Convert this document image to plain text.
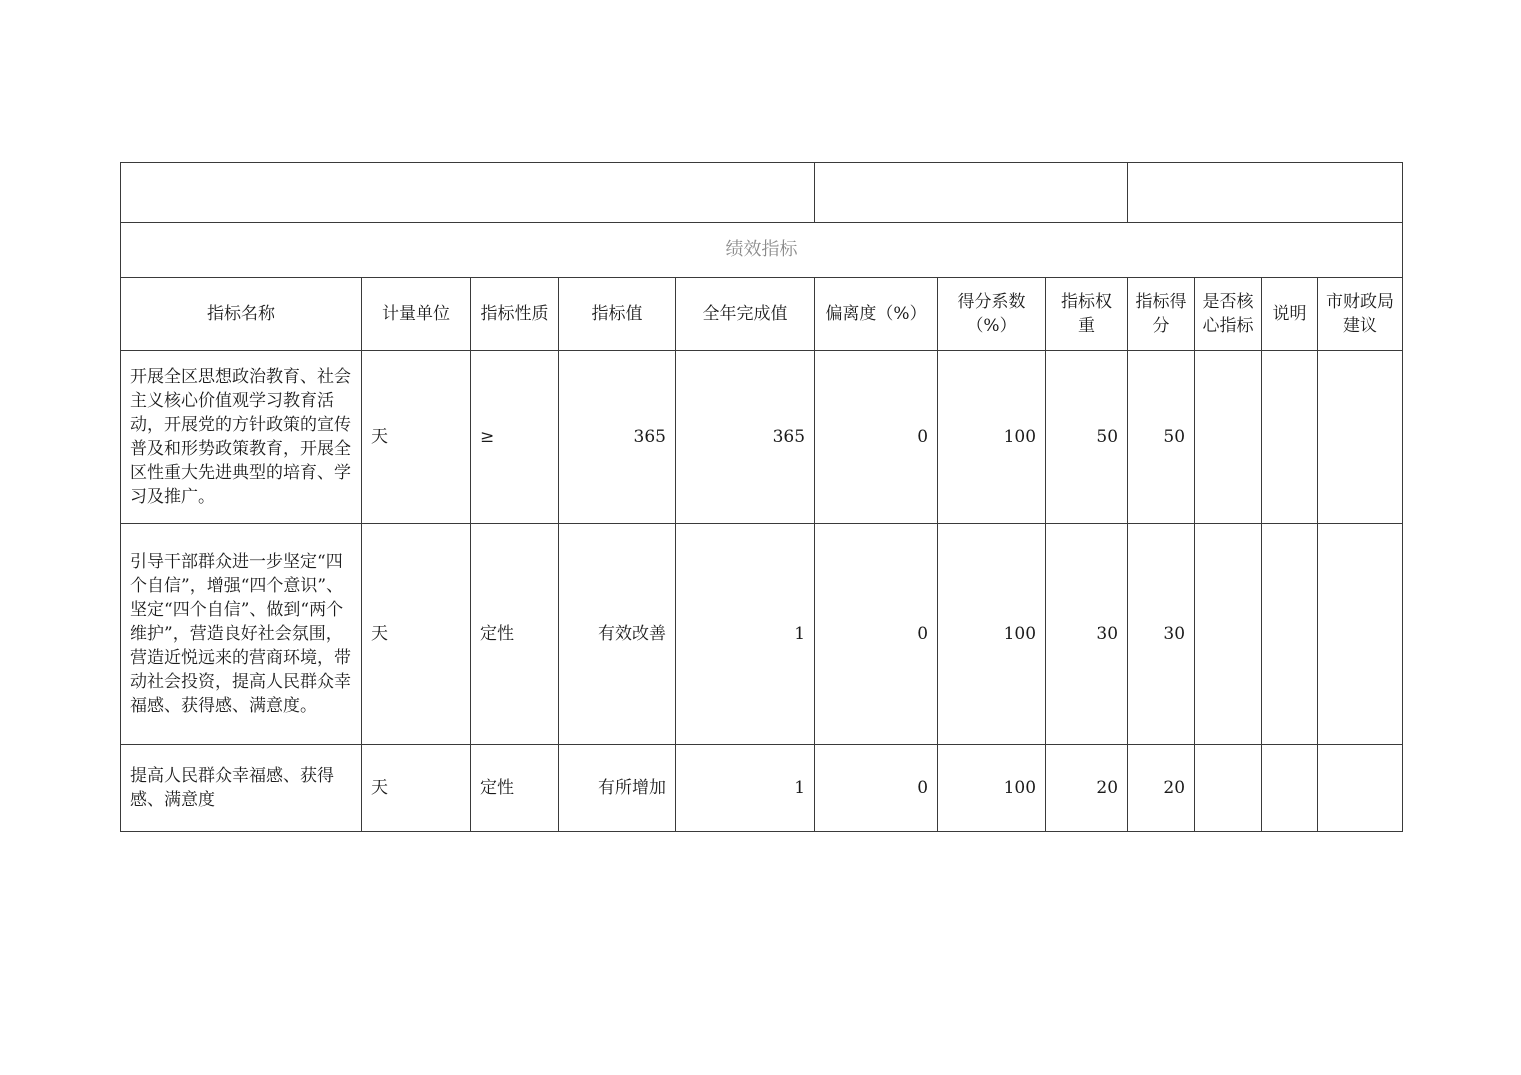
绩效指标											
指标名称	计量单位	指标性质	指标值	全年完成值	偏离度（%）	得分系数（%）	指标权重	指标得分	是否核心指标	说明	市财政局建议
开展全区思想政治教育、社会主义核心价值观学习教育活动，开展党的方针政策的宣传普及和形势政策教育，开展全区性重大先进典型的培育、学习及推广。	天	≥	365	365	0	100	50	50			
引导干部群众进一步坚定“四个自信”，增强“四个意识”、坚定“四个自信”、做到“两个维护”，营造良好社会氛围，营造近悦远来的营商环境，带动社会投资，提高人民群众幸福感、获得感、满意度。	天	定性	有效改善	1	0	100	30	30			
提高人民群众幸福感、获得感、满意度	天	定性	有所增加	1	0	100	20	20			
